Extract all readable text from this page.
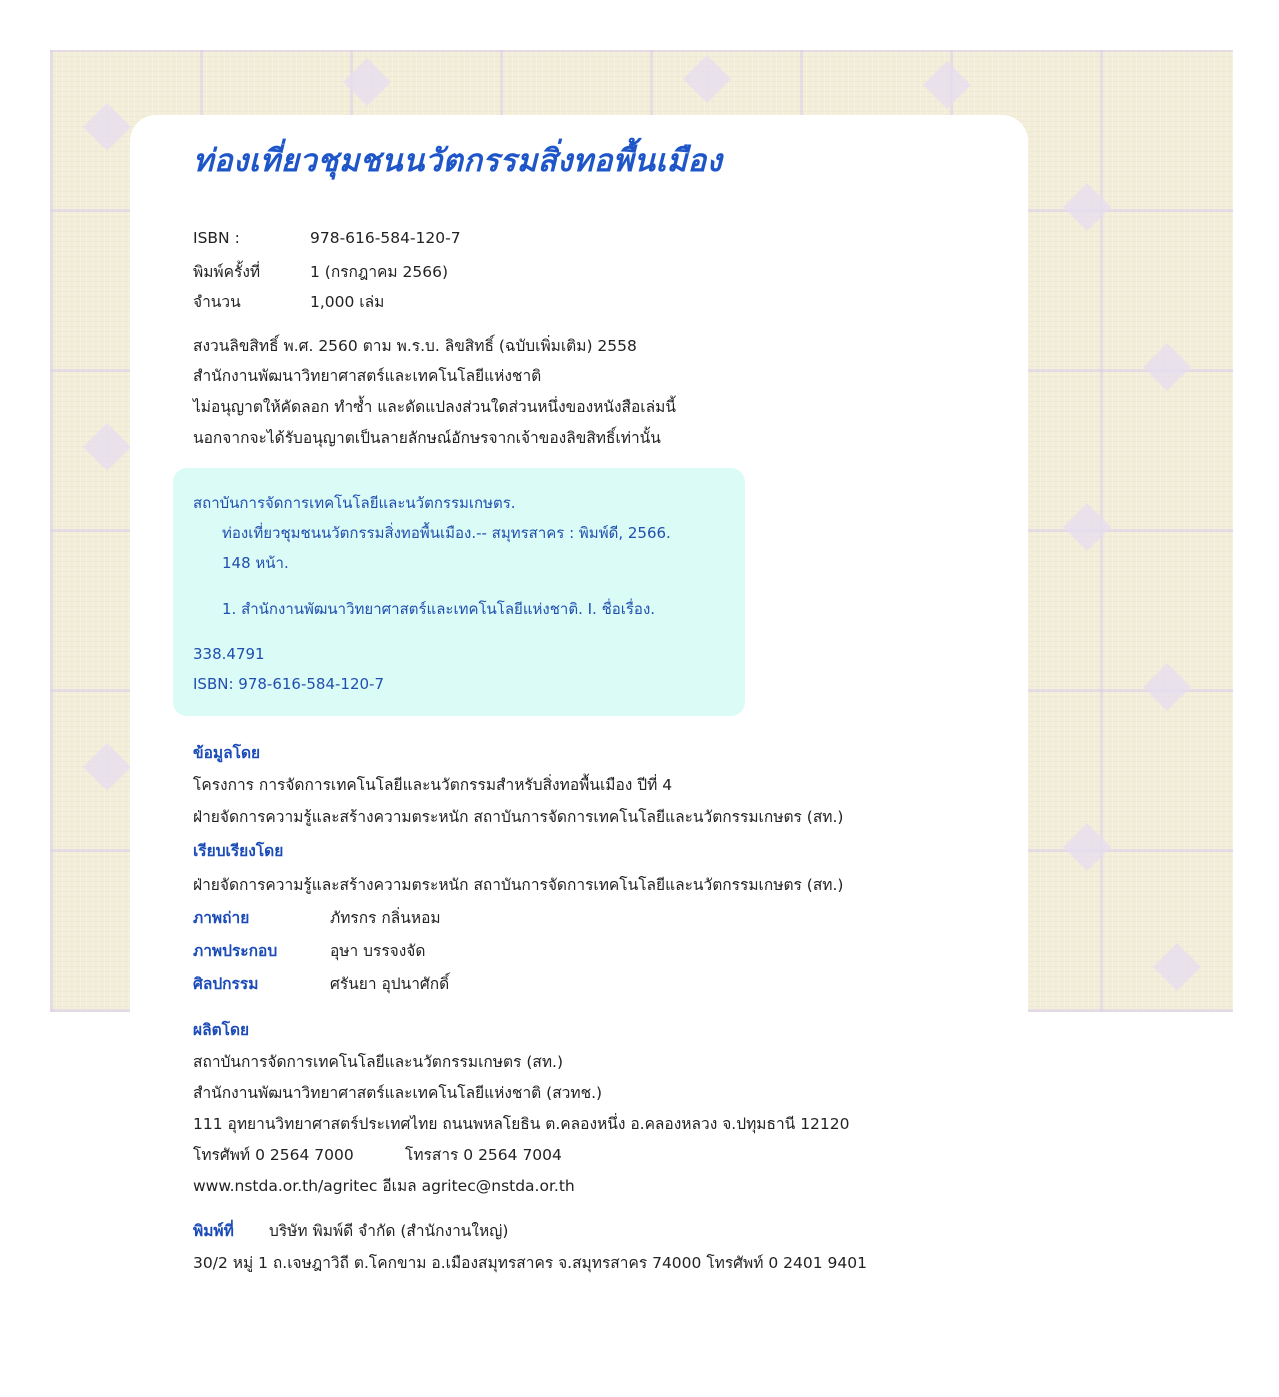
ท่องเที่ยวชุมชนนวัตกรรมสิ่งทอพื้นเมือง

ISBN :	978-616-584-120-7

พิมพ์ครั้งที่	1 (กรกฎาคม 2566)

จำนวน	1,000 เล่ม

สงวนลิขสิทธิ์ พ.ศ. 2560 ตาม พ.ร.บ. ลิขสิทธิ์ (ฉบับเพิ่มเติม) 2558

สำนักงานพัฒนาวิทยาศาสตร์และเทคโนโลยีแห่งชาติ

ไม่อนุญาตให้คัดลอก ทำซ้ำ และดัดแปลงส่วนใดส่วนหนึ่งของหนังสือเล่มนี้

นอกจากจะได้รับอนุญาตเป็นลายลักษณ์อักษรจากเจ้าของลิขสิทธิ์เท่านั้น

สถาบันการจัดการเทคโนโลยีและนวัตกรรมเกษตร.

ท่องเที่ยวชุมชนนวัตกรรมสิ่งทอพื้นเมือง.-- สมุทรสาคร : พิมพ์ดี, 2566.

148 หน้า.

1. สำนักงานพัฒนาวิทยาศาสตร์และเทคโนโลยีแห่งชาติ. I. ชื่อเรื่อง.

338.4791

ISBN: 978-616-584-120-7

ข้อมูลโดย

โครงการ การจัดการเทคโนโลยีและนวัตกรรมสำหรับสิ่งทอพื้นเมือง ปีที่ 4

ฝ่ายจัดการความรู้และสร้างความตระหนัก สถาบันการจัดการเทคโนโลยีและนวัตกรรมเกษตร (สท.)

เรียบเรียงโดย

ฝ่ายจัดการความรู้และสร้างความตระหนัก สถาบันการจัดการเทคโนโลยีและนวัตกรรมเกษตร (สท.)

ภาพถ่าย	ภัทรกร กลิ่นหอม

ภาพประกอบ	อุษา บรรจงจัด

ศิลปกรรม	ศรันยา อุปนาศักดิ์

ผลิตโดย

สถาบันการจัดการเทคโนโลยีและนวัตกรรมเกษตร (สท.)

สำนักงานพัฒนาวิทยาศาสตร์และเทคโนโลยีแห่งชาติ (สวทช.)

111 อุทยานวิทยาศาสตร์ประเทศไทย ถนนพหลโยธิน ต.คลองหนึ่ง อ.คลองหลวง จ.ปทุมธานี 12120

โทรศัพท์ 0 2564 7000	โทรสาร 0 2564 7004

www.nstda.or.th/agritec อีเมล agritec@nstda.or.th

พิมพ์ที่ บริษัท พิมพ์ดี จำกัด (สำนักงานใหญ่)

30/2 หมู่ 1 ถ.เจษฎาวิถี ต.โคกขาม อ.เมืองสมุทรสาคร จ.สมุทรสาคร 74000 โทรศัพท์ 0 2401 9401
